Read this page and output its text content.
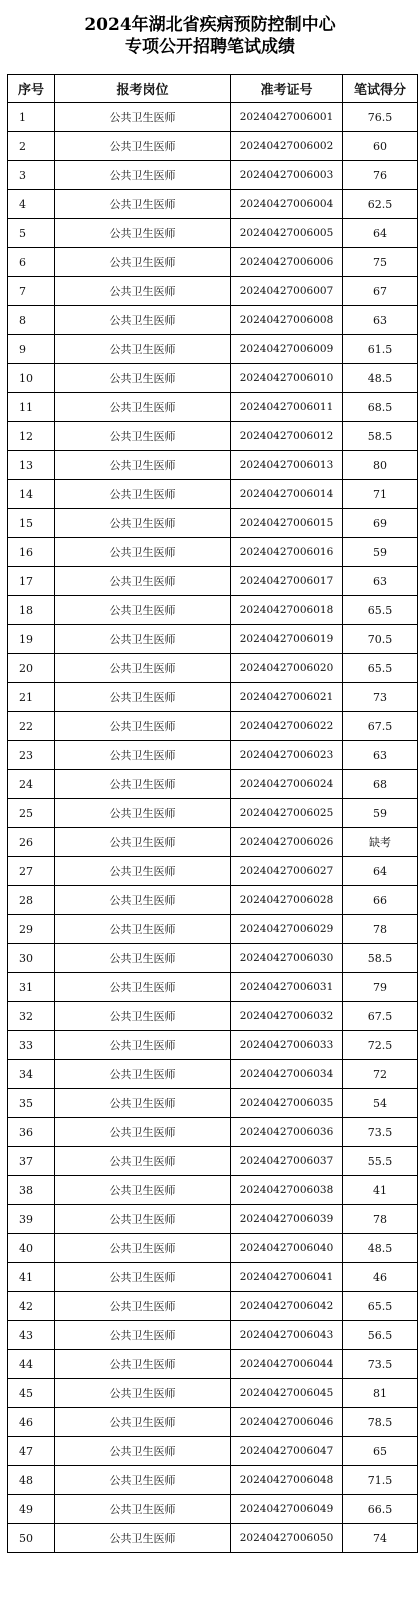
2024年湖北省疾病预防控制中心
专项公开招聘笔试成绩
序号	报考岗位	准考证号	笔试得分
1	公共卫生医师	20240427006001	76.5
2	公共卫生医师	20240427006002	60
3	公共卫生医师	20240427006003	76
4	公共卫生医师	20240427006004	62.5
5	公共卫生医师	20240427006005	64
6	公共卫生医师	20240427006006	75
7	公共卫生医师	20240427006007	67
8	公共卫生医师	20240427006008	63
9	公共卫生医师	20240427006009	61.5
10	公共卫生医师	20240427006010	48.5
11	公共卫生医师	20240427006011	68.5
12	公共卫生医师	20240427006012	58.5
13	公共卫生医师	20240427006013	80
14	公共卫生医师	20240427006014	71
15	公共卫生医师	20240427006015	69
16	公共卫生医师	20240427006016	59
17	公共卫生医师	20240427006017	63
18	公共卫生医师	20240427006018	65.5
19	公共卫生医师	20240427006019	70.5
20	公共卫生医师	20240427006020	65.5
21	公共卫生医师	20240427006021	73
22	公共卫生医师	20240427006022	67.5
23	公共卫生医师	20240427006023	63
24	公共卫生医师	20240427006024	68
25	公共卫生医师	20240427006025	59
26	公共卫生医师	20240427006026	缺考
27	公共卫生医师	20240427006027	64
28	公共卫生医师	20240427006028	66
29	公共卫生医师	20240427006029	78
30	公共卫生医师	20240427006030	58.5
31	公共卫生医师	20240427006031	79
32	公共卫生医师	20240427006032	67.5
33	公共卫生医师	20240427006033	72.5
34	公共卫生医师	20240427006034	72
35	公共卫生医师	20240427006035	54
36	公共卫生医师	20240427006036	73.5
37	公共卫生医师	20240427006037	55.5
38	公共卫生医师	20240427006038	41
39	公共卫生医师	20240427006039	78
40	公共卫生医师	20240427006040	48.5
41	公共卫生医师	20240427006041	46
42	公共卫生医师	20240427006042	65.5
43	公共卫生医师	20240427006043	56.5
44	公共卫生医师	20240427006044	73.5
45	公共卫生医师	20240427006045	81
46	公共卫生医师	20240427006046	78.5
47	公共卫生医师	20240427006047	65
48	公共卫生医师	20240427006048	71.5
49	公共卫生医师	20240427006049	66.5
50	公共卫生医师	20240427006050	74
